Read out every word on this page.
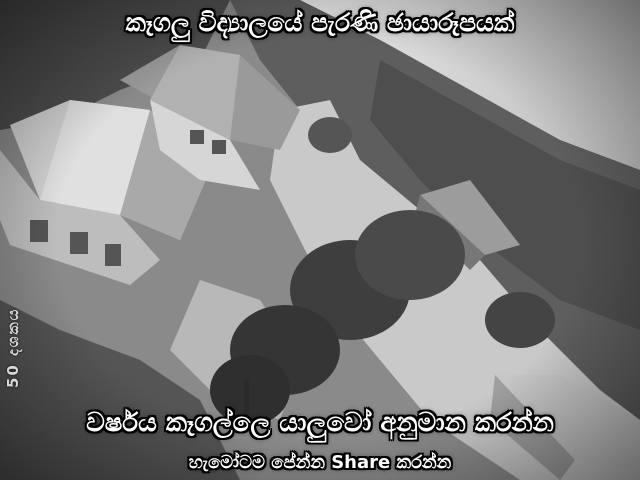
කෑගලු විද්‍යාලයේ පැරණි ඡායාරූපයක්
50 දශකය
වර්ෂය කෑගල්ලෙ යාලුවෝ අනුමාන කරන්න
හැමෝටම පේන්න Share කරන්න
